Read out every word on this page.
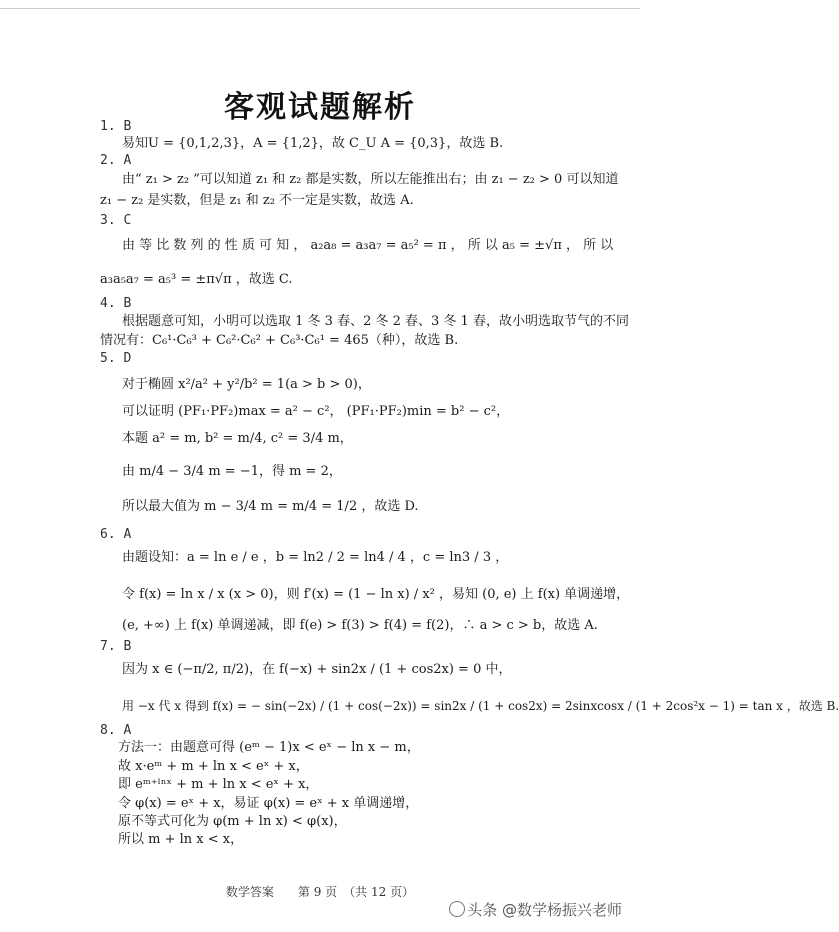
客观试题解析
1. B
易知U = {0,1,2,3}，A = {1,2}，故 C_U A = {0,3}，故选 B.
2. A
由“ z₁ > z₂ ”可以知道 z₁ 和 z₂ 都是实数，所以左能推出右；由 z₁ − z₂ > 0 可以知道
z₁ − z₂ 是实数，但是 z₁ 和 z₂ 不一定是实数，故选 A.
3. C
由 等 比 数 列 的 性 质 可 知 ， a₂a₈ = a₃a₇ = a₅² = π ， 所 以 a₅ = ±√π ， 所 以
a₃a₅a₇ = a₅³ = ±π√π ，故选 C.
4. B
根据题意可知，小明可以选取 1 冬 3 春、2 冬 2 春、3 冬 1 春，故小明选取节气的不同
情况有：C₆¹·C₆³ + C₆²·C₆² + C₆³·C₆¹ = 465（种），故选 B.
5. D
对于椭圆 x²/a² + y²/b² = 1(a > b > 0)，
可以证明 (PF₁·PF₂)max = a² − c²， (PF₁·PF₂)min = b² − c²，
本题 a² = m, b² = m/4, c² = 3/4 m，
由 m/4 − 3/4 m = −1，得 m = 2，
所以最大值为 m − 3/4 m = m/4 = 1/2 ，故选 D.
6. A
由题设知：a = ln e / e ，b = ln2 / 2 = ln4 / 4 ，c = ln3 / 3 ，
令 f(x) = ln x / x (x > 0)，则 f′(x) = (1 − ln x) / x² ，易知 (0, e) 上 f(x) 单调递增，
(e, +∞) 上 f(x) 单调递减，即 f(e) > f(3) > f(4) = f(2)，∴ a > c > b，故选 A.
7. B
因为 x ∈ (−π/2, π/2)，在 f(−x) + sin2x / (1 + cos2x) = 0 中，
用 −x 代 x 得到 f(x) = − sin(−2x) / (1 + cos(−2x)) = sin2x / (1 + cos2x) = 2sinxcosx / (1 + 2cos²x − 1) = tan x ，故选 B.
8. A
方法一：由题意可得 (eᵐ − 1)x < eˣ − ln x − m，
故 x·eᵐ + m + ln x < eˣ + x，
即 eᵐ⁺ˡⁿˣ + m + ln x < eˣ + x，
令 φ(x) = eˣ + x，易证 φ(x) = eˣ + x 单调递增，
原不等式可化为 φ(m + ln x) < φ(x)，
所以 m + ln x < x，
数学答案　　第 9 页　（共 12 页）
头条 @数学杨振兴老师
